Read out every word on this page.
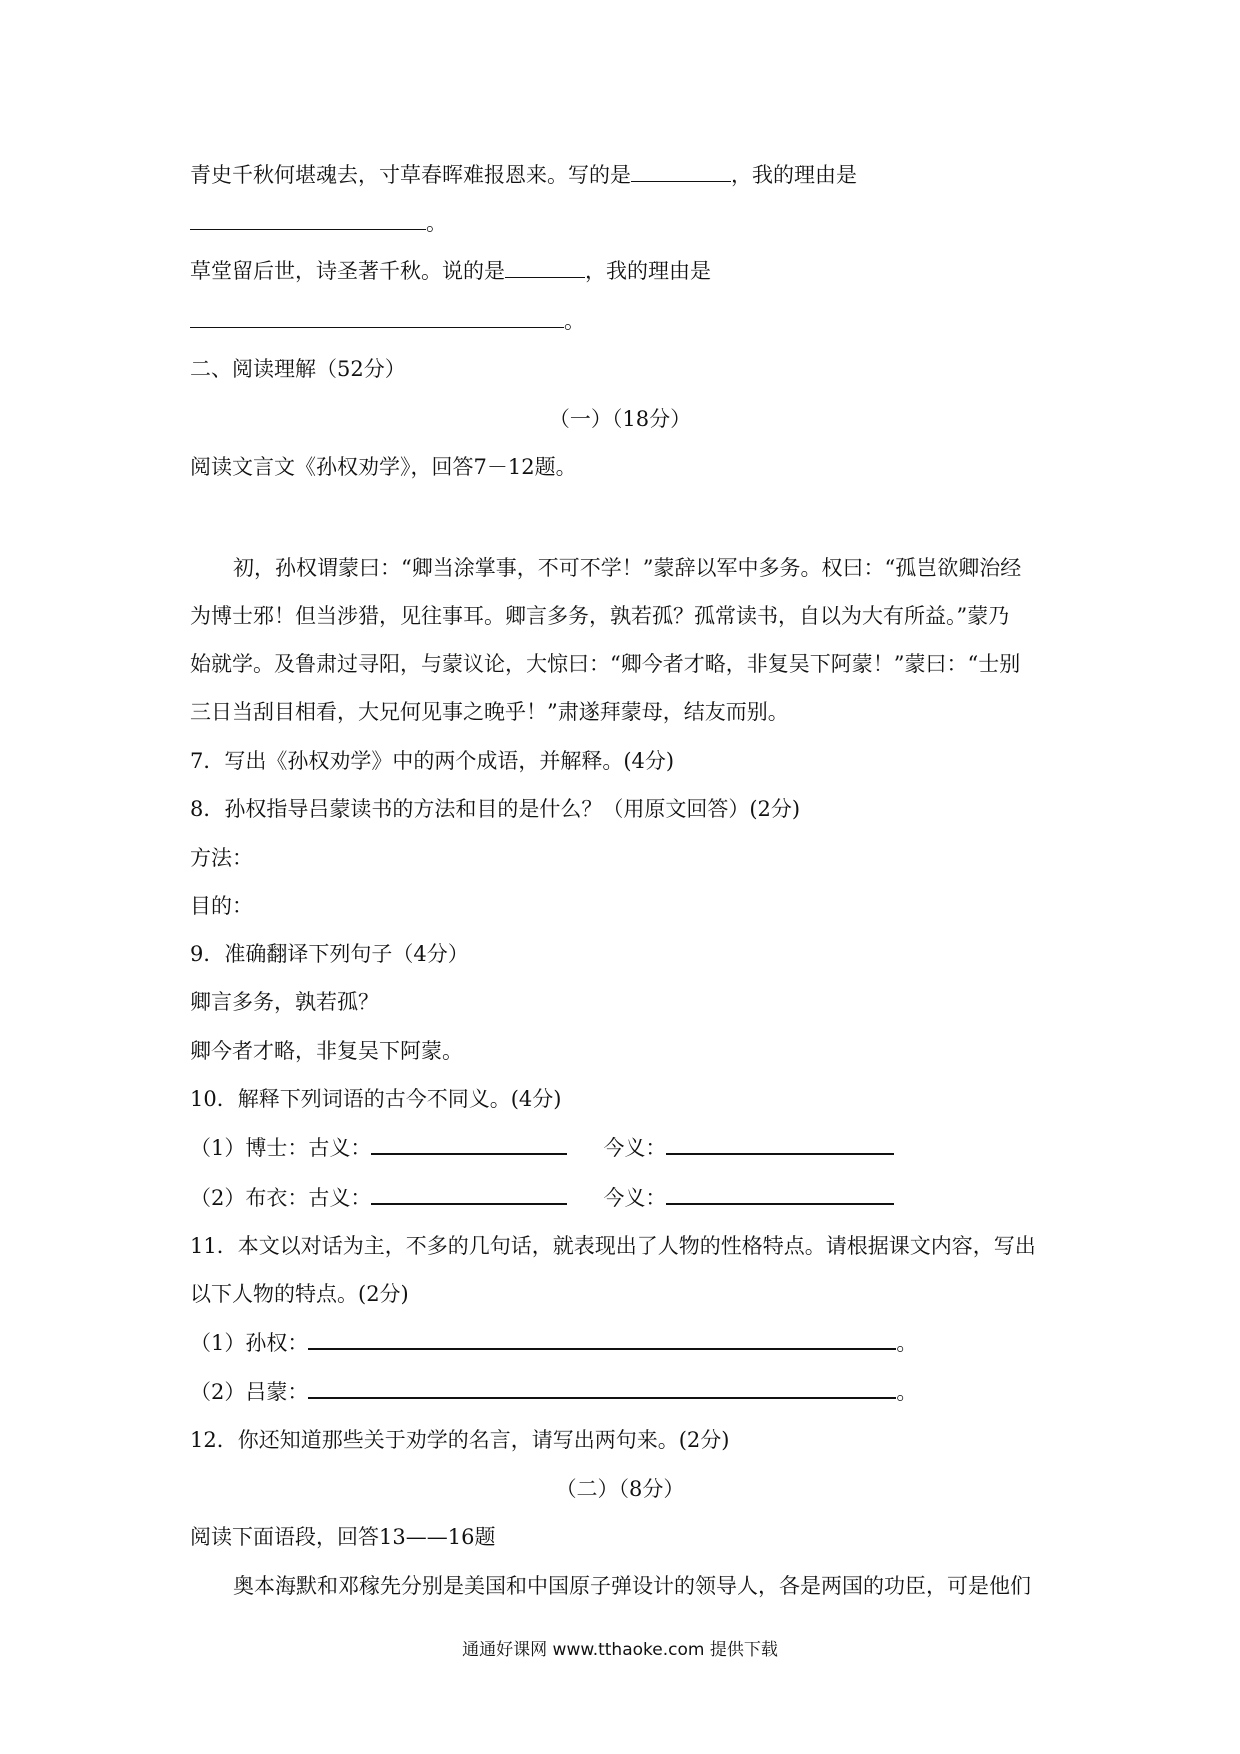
青史千秋何堪魂去，寸草春晖难报恩来。写的是	，我的理由是
。
草堂留后世，诗圣著千秋。说的是	，我的理由是
。
二、阅读理解（52分）
（一）（18分）
阅读文言文《孙权劝学》，回答7－12题。
初，孙权谓蒙曰：“卿当涂掌事，不可不学！”蒙辞以军中多务。权曰：“孤岂欲卿治经
为博士邪！但当涉猎，见往事耳。卿言多务，孰若孤？孤常读书，自以为大有所益。”蒙乃
始就学。及鲁肃过寻阳，与蒙议论，大惊曰：“卿今者才略，非复吴下阿蒙！”蒙曰：“士别
三日当刮目相看，大兄何见事之晚乎！”肃遂拜蒙母，结友而别。
7．写出《孙权劝学》中的两个成语，并解释。(4分)
8．孙权指导吕蒙读书的方法和目的是什么？（用原文回答）(2分)
方法：
目的：
9．准确翻译下列句子（4分）
卿言多务，孰若孤？
卿今者才略，非复吴下阿蒙。
10．解释下列词语的古今不同义。(4分)
（1）博士：古义：	今义：
（2）布衣：古义：	今义：
11．本文以对话为主，不多的几句话，就表现出了人物的性格特点。请根据课文内容，写出
以下人物的特点。(2分)
（1）孙权：	。
（2）吕蒙：	。
12．你还知道那些关于劝学的名言，请写出两句来。(2分)
（二）（8分）
阅读下面语段，回答13——16题
奥本海默和邓稼先分别是美国和中国原子弹设计的领导人，各是两国的功臣，可是他们
通通好课网 www.tthaoke.com 提供下载
